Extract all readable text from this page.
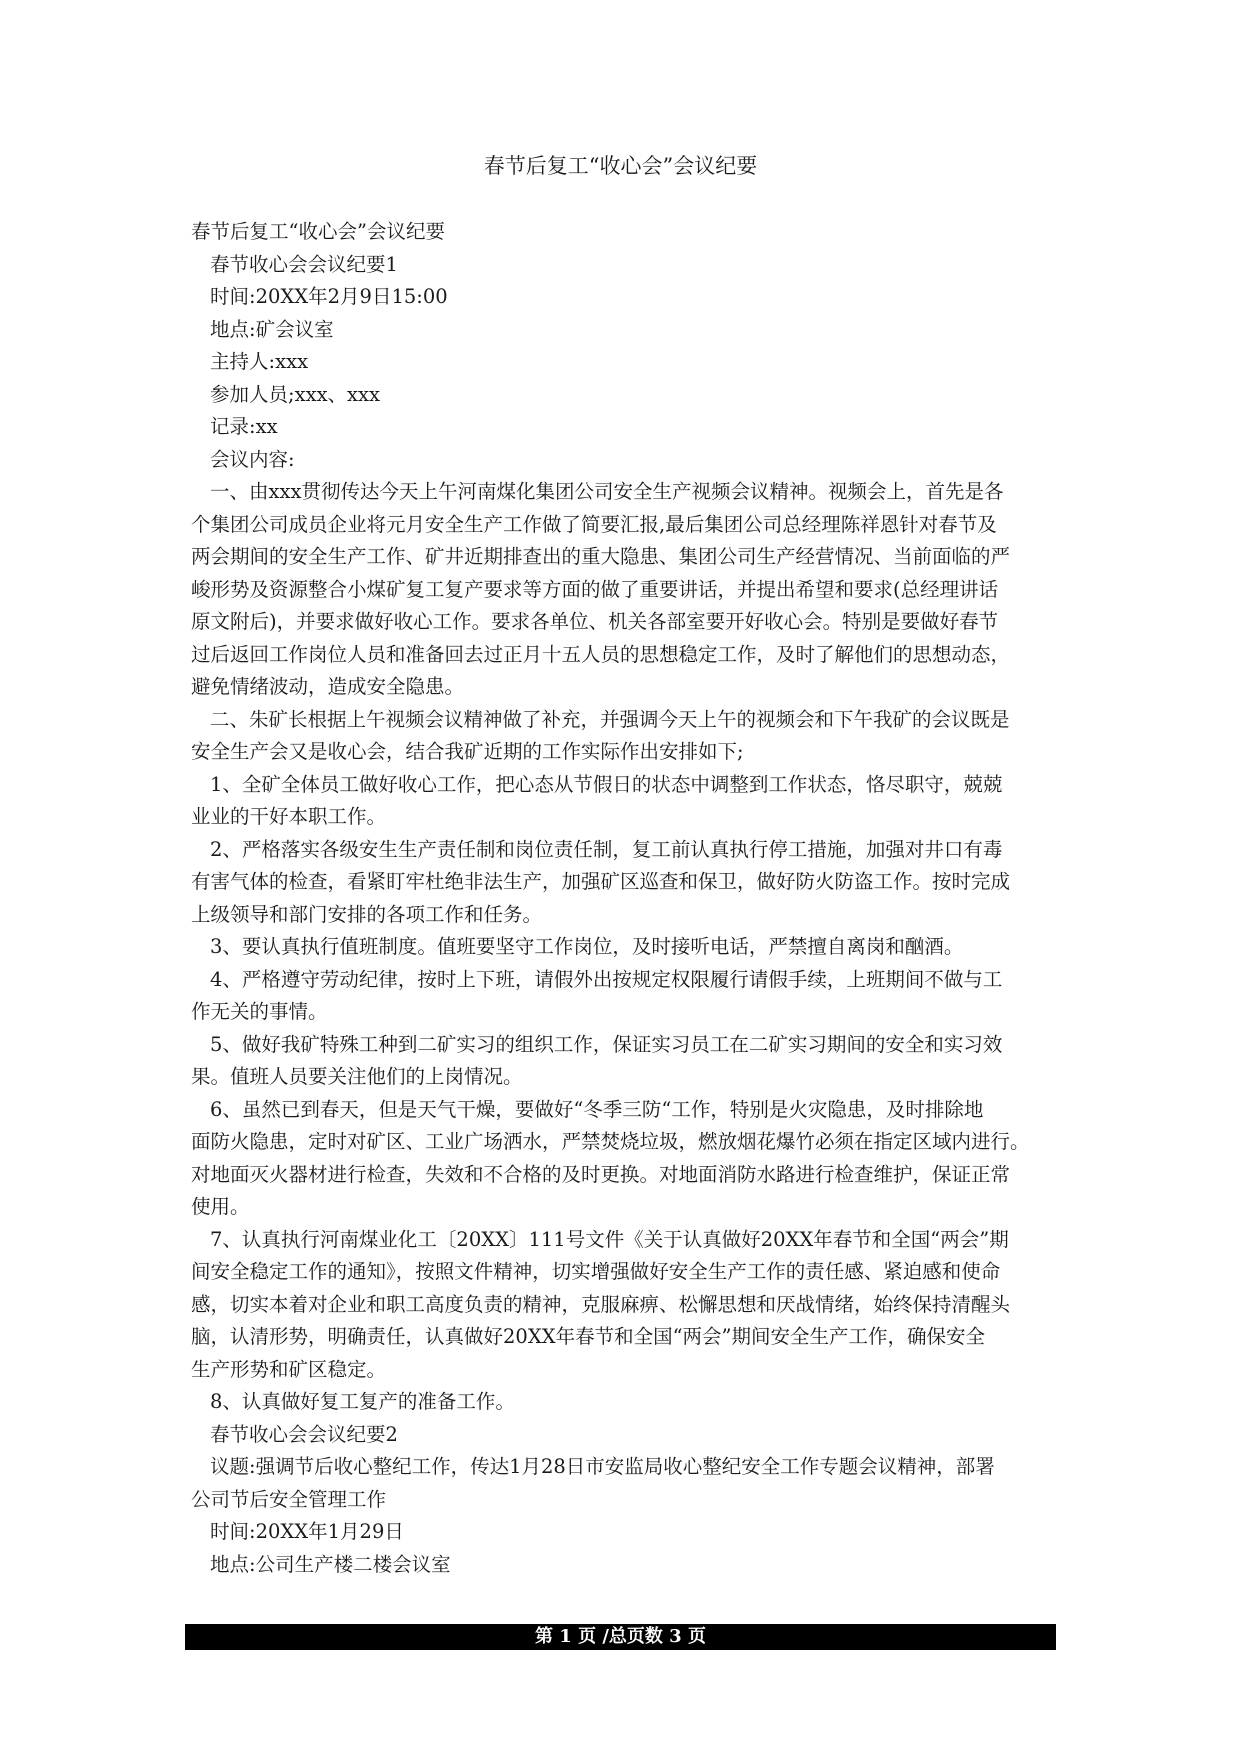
春节后复工“收心会”会议纪要

春节后复工“收心会”会议纪要

春节收心会会议纪要1

时间:20XX年2月9日15:00

地点:矿会议室

主持人:xxx

参加人员;xxx、xxx

记录:xx

会议内容:

一、由xxx贯彻传达今天上午河南煤化集团公司安全生产视频会议精神。视频会上，首先是各
个集团公司成员企业将元月安全生产工作做了简要汇报,最后集团公司总经理陈祥恩针对春节及
两会期间的安全生产工作、矿井近期排查出的重大隐患、集团公司生产经营情况、当前面临的严
峻形势及资源整合小煤矿复工复产要求等方面的做了重要讲话，并提出希望和要求(总经理讲话
原文附后)，并要求做好收心工作。要求各单位、机关各部室要开好收心会。特别是要做好春节
过后返回工作岗位人员和准备回去过正月十五人员的思想稳定工作，及时了解他们的思想动态，
避免情绪波动，造成安全隐患。

二、朱矿长根据上午视频会议精神做了补充，并强调今天上午的视频会和下午我矿的会议既是
安全生产会又是收心会，结合我矿近期的工作实际作出安排如下;

1、全矿全体员工做好收心工作，把心态从节假日的状态中调整到工作状态，恪尽职守，兢兢
业业的干好本职工作。

2、严格落实各级安生生产责任制和岗位责任制，复工前认真执行停工措施，加强对井口有毒
有害气体的检查，看紧盯牢杜绝非法生产，加强矿区巡查和保卫，做好防火防盗工作。按时完成
上级领导和部门安排的各项工作和任务。

3、要认真执行值班制度。值班要坚守工作岗位，及时接听电话，严禁擅自离岗和酗酒。

4、严格遵守劳动纪律，按时上下班，请假外出按规定权限履行请假手续，上班期间不做与工
作无关的事情。

5、做好我矿特殊工种到二矿实习的组织工作，保证实习员工在二矿实习期间的安全和实习效
果。值班人员要关注他们的上岗情况。

6、虽然已到春天，但是天气干燥，要做好“冬季三防“工作，特别是火灾隐患，及时排除地
面防火隐患，定时对矿区、工业广场洒水，严禁焚烧垃圾，燃放烟花爆竹必须在指定区域内进行。
对地面灭火器材进行检查，失效和不合格的及时更换。对地面消防水路进行检查维护，保证正常
使用。

7、认真执行河南煤业化工〔20XX〕111号文件《关于认真做好20XX年春节和全国“两会”期
间安全稳定工作的通知》，按照文件精神，切实增强做好安全生产工作的责任感、紧迫感和使命
感，切实本着对企业和职工高度负责的精神，克服麻痹、松懈思想和厌战情绪，始终保持清醒头
脑，认清形势，明确责任，认真做好20XX年春节和全国“两会”期间安全生产工作，确保安全
生产形势和矿区稳定。

8、认真做好复工复产的准备工作。

春节收心会会议纪要2

议题:强调节后收心整纪工作，传达1月28日市安监局收心整纪安全工作专题会议精神，部署
公司节后安全管理工作

时间:20XX年1月29日

地点:公司生产楼二楼会议室

第 1 页 /总页数 3 页
